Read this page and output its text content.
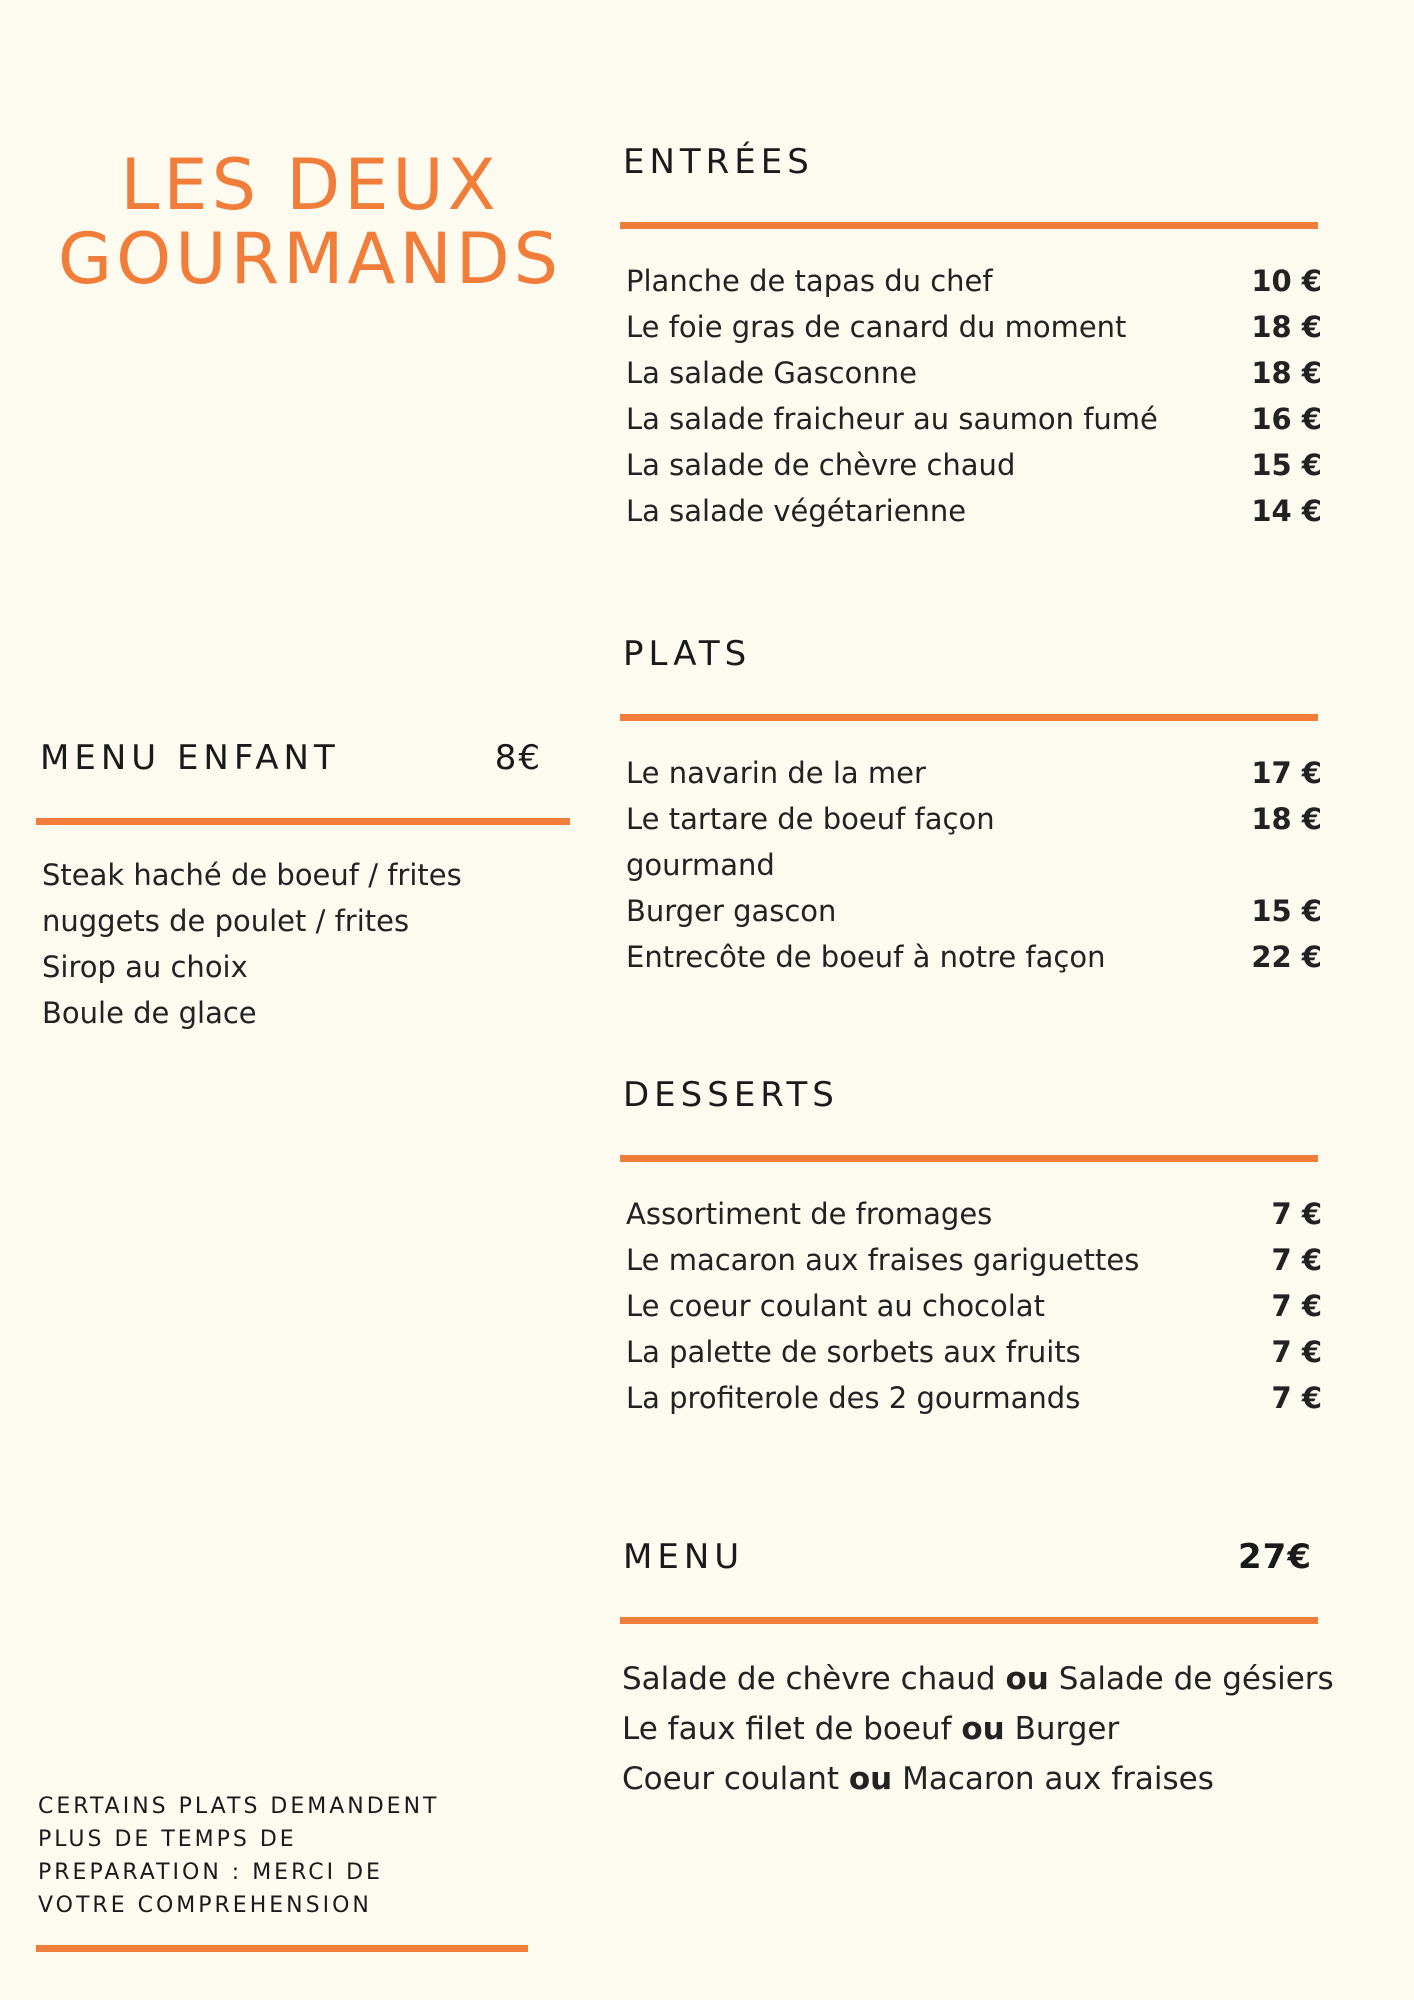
LES DEUX
GOURMANDS
ENTRÉES
Planche de tapas du chef	10 €
Le foie gras de canard du moment	18 €
La salade Gasconne	18 €
La salade fraicheur au saumon fumé	16 €
La salade de chèvre chaud	15 €
La salade végétarienne	14 €
PLATS
Le navarin de la mer	17 €
Le tartare de boeuf façon	18 €
gourmand
Burger gascon	15 €
Entrecôte de boeuf à notre façon	22 €
DESSERTS
Assortiment de fromages	7 €
Le macaron aux fraises gariguettes	7 €
Le coeur coulant au chocolat	7 €
La palette de sorbets aux fruits	7 €
La profiterole des 2 gourmands	7 €
MENU ENFANT	8€
Steak haché de boeuf / frites
nuggets de poulet / frites
Sirop au choix
Boule de glace
MENU	27€
Salade de chèvre chaud ou Salade de gésiers
Le faux filet de boeuf ou Burger
Coeur coulant ou Macaron aux fraises

CERTAINS PLATS DEMANDENT
PLUS DE TEMPS DE
PREPARATION : MERCI DE
VOTRE COMPREHENSION
